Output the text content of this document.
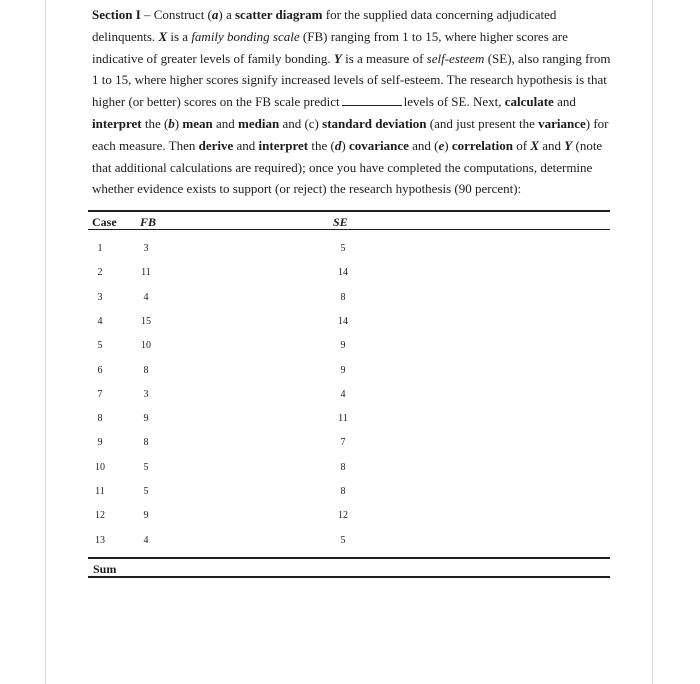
Section I – Construct (a) a scatter diagram for the supplied data concerning adjudicated delinquents. X is a family bonding scale (FB) ranging from 1 to 15, where higher scores are indicative of greater levels of family bonding. Y is a measure of self-esteem (SE), also ranging from 1 to 15, where higher scores signify increased levels of self-esteem. The research hypothesis is that higher (or better) scores on the FB scale predict	levels of SE. Next, calculate and interpret the (b) mean and median and (c) standard deviation (and just present the variance) for each measure. Then derive and interpret the (d) covariance and (e) correlation of X and Y (note that additional calculations are required); once you have completed the computations, determine whether evidence exists to support (or reject) the research hypothesis (90 percent):
Case FB	SE
1	3	5
2	11	14
3	4	8
4	15	14
5	10	9
6	8	9
7	3	4
8	9	11
9	8	7
10	5	8
11	5	8
12	9	12
13	4	5
Sum
